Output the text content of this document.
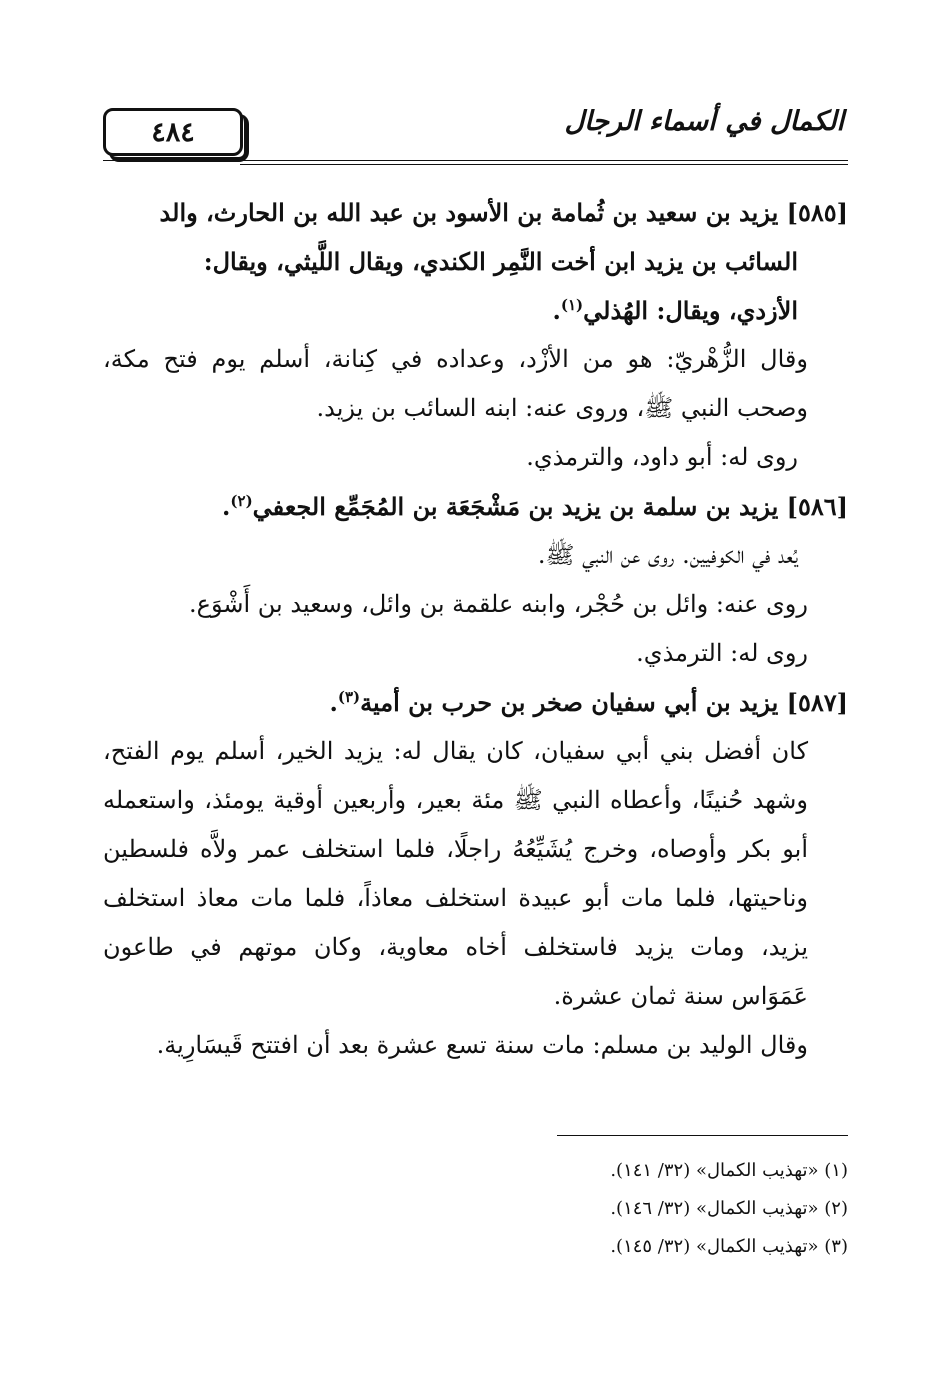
٤٨٤	الكمال في أسماء الرجال

[٥٨٥] يزيد بن سعيد بن ثُمامة بن الأسود بن عبد الله بن الحارث، والد

السائب بن يزيد ابن أخت النَّمِر الكندي، ويقال اللَّيثي، ويقال:

الأزدي، ويقال: الهُذلي$^{(١)}$.

وقال الزُّهْريّ: هو من الأزْد، وعداده في كِنانة، أسلم يوم فتح مكة، وصحب النبي ﷺ، وروى عنه: ابنه السائب بن يزيد.

روى له: أبو داود، والترمذي.

[٥٨٦] يزيد بن سلمة بن يزيد بن مَشْجَعَة بن المُجَمِّع الجعفي$^{(٢)}$.

يُعد في الكوفيين. روى عن النبي ﷺ.

روى عنه: وائل بن حُجْر، وابنه علقمة بن وائل، وسعيد بن أَشْوَع.

روى له: الترمذي.

[٥٨٧] يزيد بن أبي سفيان صخر بن حرب بن أمية$^{(٣)}$.

كان أفضل بني أبي سفيان، كان يقال له: يزيد الخير، أسلم يوم الفتح، وشهد حُنينًا، وأعطاه النبي ﷺ مئة بعير، وأربعين أوقية يومئذ، واستعمله أبو بكر وأوصاه، وخرج يُشَيِّعُهُ راجلًا، فلما استخلف عمر ولاَّه فلسطين وناحيتها، فلما مات أبو عبيدة استخلف معاذاً، فلما مات معاذ استخلف يزيد، ومات يزيد فاستخلف أخاه معاوية، وكان موتهم في طاعون عَمَوَاس سنة ثمان عشرة.

وقال الوليد بن مسلم: مات سنة تسع عشرة بعد أن افتتح قَيسَارِية.

(١) «تهذيب الكمال» (٣٢/ ١٤١).

(٢) «تهذيب الكمال» (٣٢/ ١٤٦).

(٣) «تهذيب الكمال» (٣٢/ ١٤٥).
